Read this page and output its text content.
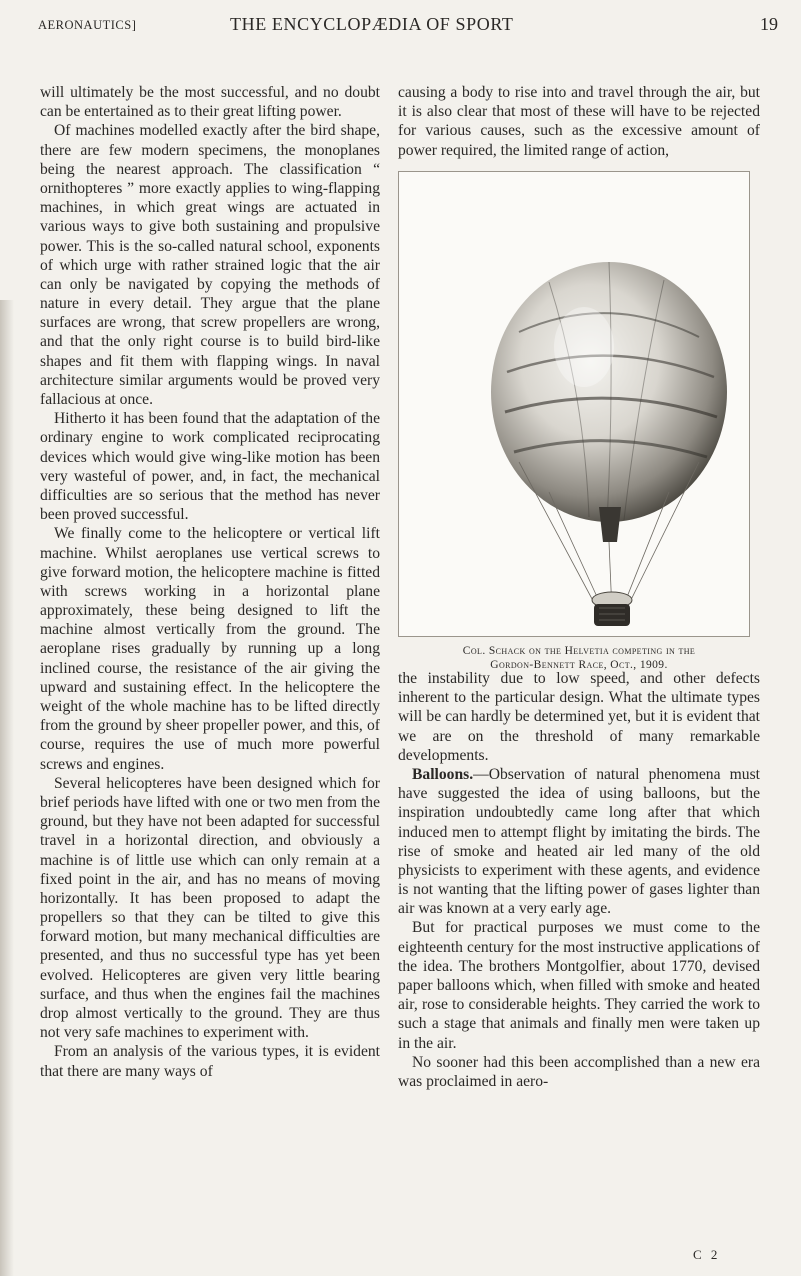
AERONAUTICS]	THE ENCYCLOPÆDIA OF SPORT	19

will ultimately be the most successful, and no doubt can be entertained as to their great lifting power.

Of machines modelled exactly after the bird shape, there are few modern specimens, the monoplanes being the nearest approach. The classification “ ornithopteres ” more exactly applies to wing-flapping machines, in which great wings are actuated in various ways to give both sustaining and propulsive power. This is the so-called natural school, exponents of which urge with rather strained logic that the air can only be navigated by copying the methods of nature in every detail. They argue that the plane surfaces are wrong, that screw propellers are wrong, and that the only right course is to build bird-like shapes and fit them with flapping wings. In naval architecture similar arguments would be proved very fallacious at once.

Hitherto it has been found that the adaptation of the ordinary engine to work complicated reciprocating devices which would give wing-like motion has been very wasteful of power, and, in fact, the mechanical difficulties are so serious that the method has never been proved successful.

We finally come to the helicoptere or vertical lift machine. Whilst aeroplanes use vertical screws to give forward motion, the helicoptere machine is fitted with screws working in a horizontal plane approximately, these being designed to lift the machine almost vertically from the ground. The aeroplane rises gradually by running up a long inclined course, the resistance of the air giving the upward and sustaining effect. In the helicoptere the weight of the whole machine has to be lifted directly from the ground by sheer propeller power, and this, of course, requires the use of much more powerful screws and engines.

Several helicopteres have been designed which for brief periods have lifted with one or two men from the ground, but they have not been adapted for successful travel in a horizontal direction, and obviously a machine is of little use which can only remain at a fixed point in the air, and has no means of moving horizontally. It has been proposed to adapt the propellers so that they can be tilted to give this forward motion, but many mechanical difficulties are presented, and thus no successful type has yet been evolved. Helicopteres are given very little bearing surface, and thus when the engines fail the machines drop almost vertically to the ground. They are thus not very safe machines to experiment with.

From an analysis of the various types, it is evident that there are many ways of

causing a body to rise into and travel through the air, but it is also clear that most of these will have to be rejected for various causes, such as the excessive amount of power required, the limited range of action,

Col. Schack on the Helvetia competing in the
Gordon-Bennett Race, Oct., 1909.

the instability due to low speed, and other defects inherent to the particular design. What the ultimate types will be can hardly be determined yet, but it is evident that we are on the threshold of many remarkable developments.

Balloons.—Observation of natural phenomena must have suggested the idea of using balloons, but the inspiration undoubtedly came long after that which induced men to attempt flight by imitating the birds. The rise of smoke and heated air led many of the old physicists to experiment with these agents, and evidence is not wanting that the lifting power of gases lighter than air was known at a very early age.

But for practical purposes we must come to the eighteenth century for the most instructive applications of the idea. The brothers Montgolfier, about 1770, devised paper balloons which, when filled with smoke and heated air, rose to considerable heights. They carried the work to such a stage that animals and finally men were taken up in the air.

No sooner had this been accomplished than a new era was proclaimed in aero-

C 2
